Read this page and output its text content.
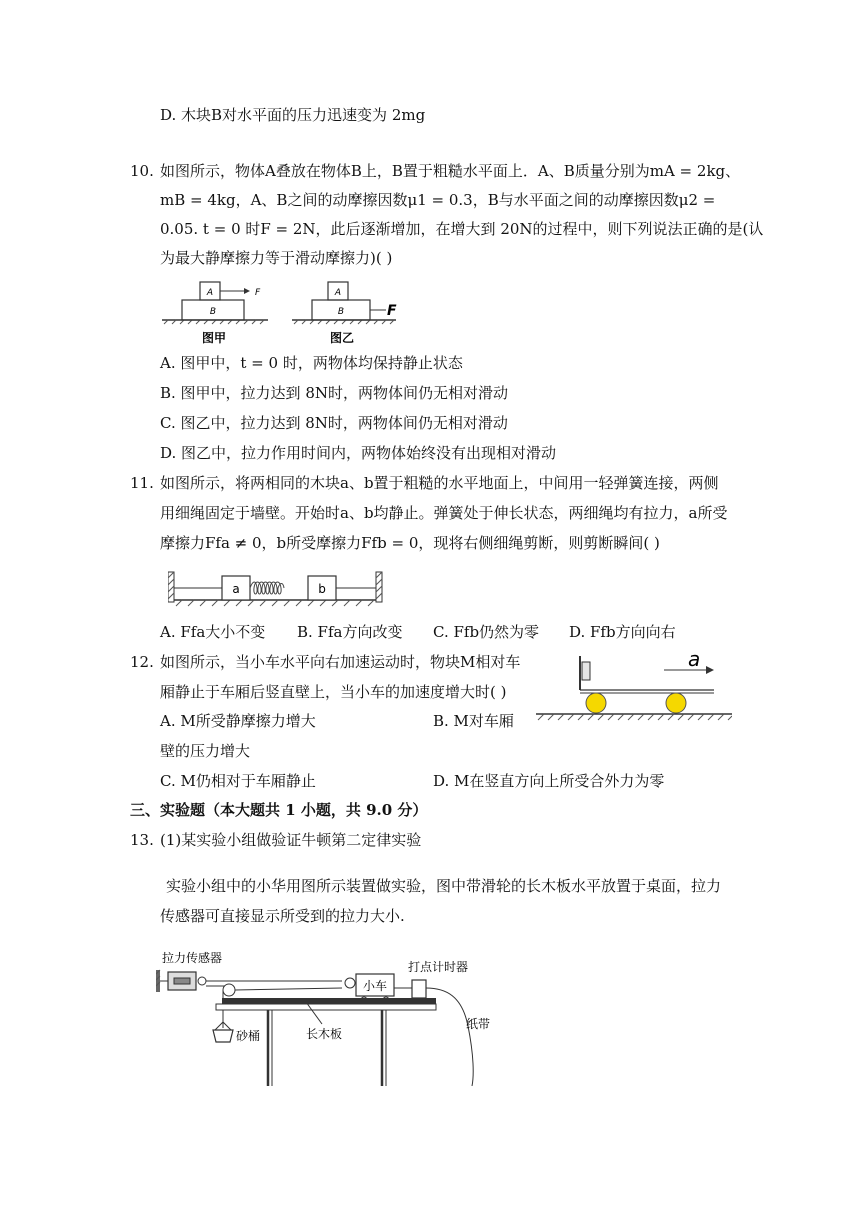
D. 木块B对水平面的压力迅速变为 2mg
10. 如图所示，物体A叠放在物体B上，B置于粗糙水平面上．A、B质量分别为mA = 2kg、
mB = 4kg，A、B之间的动摩擦因数μ1 = 0.3，B与水平面之间的动摩擦因数μ2 =
0.05. t = 0 时F = 2N，此后逐渐增加，在增大到 20N的过程中，则下列说法正确的是(认
为最大静摩擦力等于滑动摩擦力)( )
A
B
F
图甲
A
B	F
图乙
A. 图甲中，t = 0 时，两物体均保持静止状态
B. 图甲中，拉力达到 8N时，两物体间仍无相对滑动
C. 图乙中，拉力达到 8N时，两物体间仍无相对滑动
D. 图乙中，拉力作用时间内，两物体始终没有出现相对滑动
11. 如图所示，将两相同的木块a、b置于粗糙的水平地面上，中间用一轻弹簧连接，两侧
用细绳固定于墙壁。开始时a、b均静止。弹簧处于伸长状态，两细绳均有拉力，a所受
摩擦力Ffa ≠ 0，b所受摩擦力Ffb = 0，现将右侧细绳剪断，则剪断瞬间( )
a	b
A. Ffa大小不变 B. Ffa方向改变 C. Ffb仍然为零 D. Ffb方向向右
12. 如图所示，当小车水平向右加速运动时，物块M相对车
厢静止于车厢后竖直壁上，当小车的加速度增大时( )
a
A. M所受静摩擦力增大	B. M对车厢
壁的压力增大
C. M仍相对于车厢静止	D. M在竖直方向上所受合外力为零
三、实验题（本大题共 1 小题，共 9.0 分）
13. (1)某实验小组做验证牛顿第二定律实验
实验小组中的小华用图所示装置做实验，图中带滑轮的长木板水平放置于桌面，拉力
传感器可直接显示所受到的拉力大小.
拉力传感器
砂桶
小车
打点计时器
纸带
长木板
